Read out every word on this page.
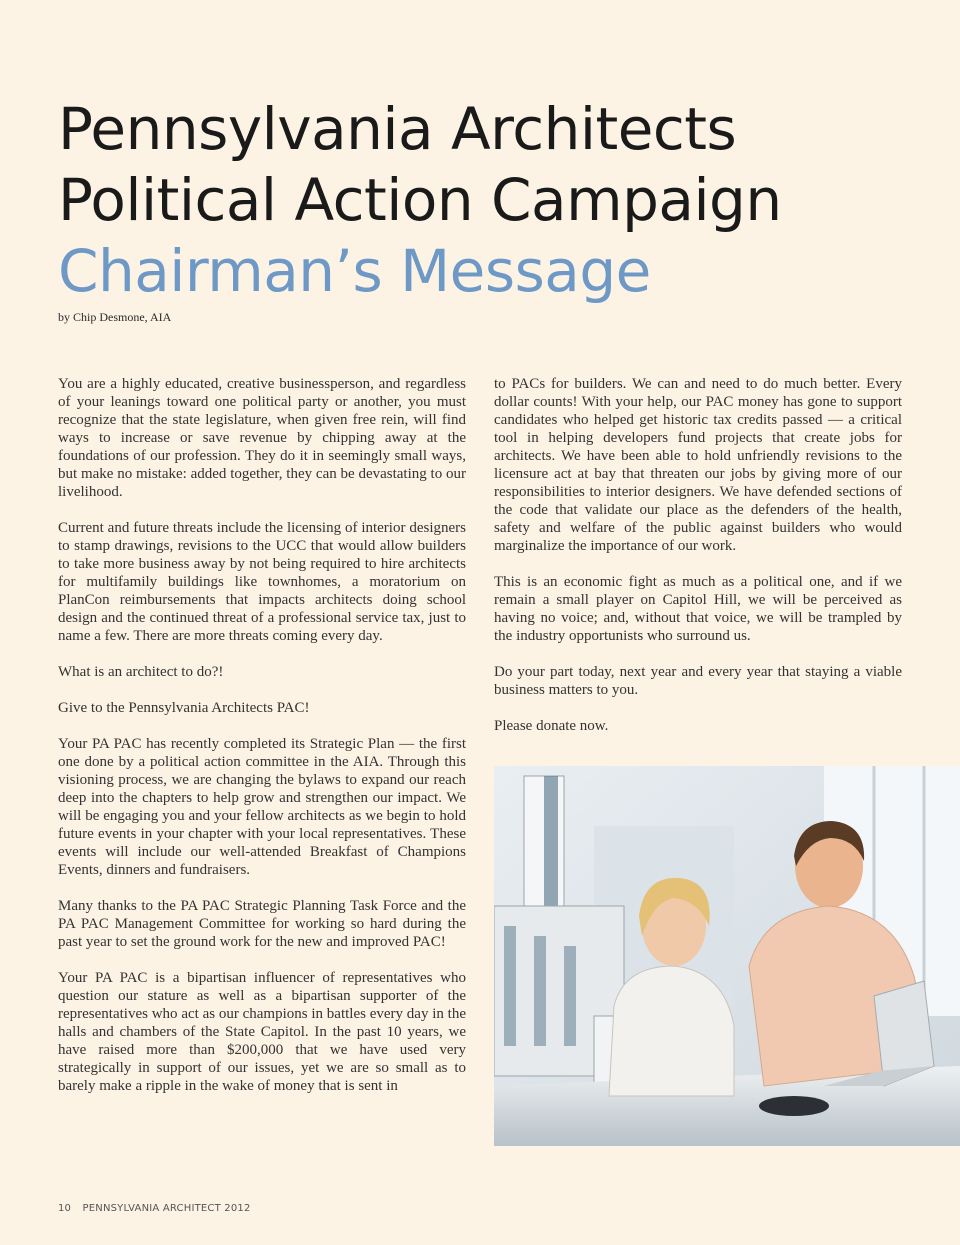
Pennsylvania Architects
Political Action Campaign
Chairman’s Message
by Chip Desmone, AIA

You are a highly educated, creative businessperson, and regardless of your leanings toward one political party or another, you must recognize that the state legislature, when given free rein, will find ways to increase or save revenue by chipping away at the foundations of our profession. They do it in seemingly small ways, but make no mistake: added together, they can be devastating to our livelihood.

Current and future threats include the licensing of interior designers to stamp drawings, revisions to the UCC that would allow builders to take more business away by not being required to hire architects for multifamily buildings like townhomes, a moratorium on PlanCon reimbursements that impacts architects doing school design and the continued threat of a professional service tax, just to name a few. There are more threats coming every day.

What is an architect to do?!

Give to the Pennsylvania Architects PAC!

Your PA PAC has recently completed its Strategic Plan — the first one done by a political action committee in the AIA. Through this visioning process, we are changing the bylaws to expand our reach deep into the chapters to help grow and strengthen our impact. We will be engaging you and your fellow architects as we begin to hold future events in your chapter with your local representatives. These events will include our well-attended Breakfast of Champions Events, dinners and fundraisers.

Many thanks to the PA PAC Strategic Planning Task Force and the PA PAC Management Committee for working so hard during the past year to set the ground work for the new and improved PAC!

Your PA PAC is a bipartisan influencer of representatives who question our stature as well as a bipartisan supporter of the representatives who act as our champions in battles every day in the halls and chambers of the State Capitol. In the past 10 years, we have raised more than $200,000 that we have used very strategically in support of our issues, yet we are so small as to barely make a ripple in the wake of money that is sent in

to PACs for builders. We can and need to do much better. Every dollar counts! With your help, our PAC money has gone to support candidates who helped get historic tax credits passed — a critical tool in helping developers fund projects that create jobs for architects. We have been able to hold unfriendly revisions to the licensure act at bay that threaten our jobs by giving more of our responsibilities to interior designers. We have defended sections of the code that validate our place as the defenders of the health, safety and welfare of the public against builders who would marginalize the importance of our work.

This is an economic fight as much as a political one, and if we remain a small player on Capitol Hill, we will be perceived as having no voice; and, without that voice, we will be trampled by the industry opportunists who surround us.

Do your part today, next year and every year that staying a viable business matters to you.

Please donate now.

10 PENNSYLVANIA ARCHITECT 2012
